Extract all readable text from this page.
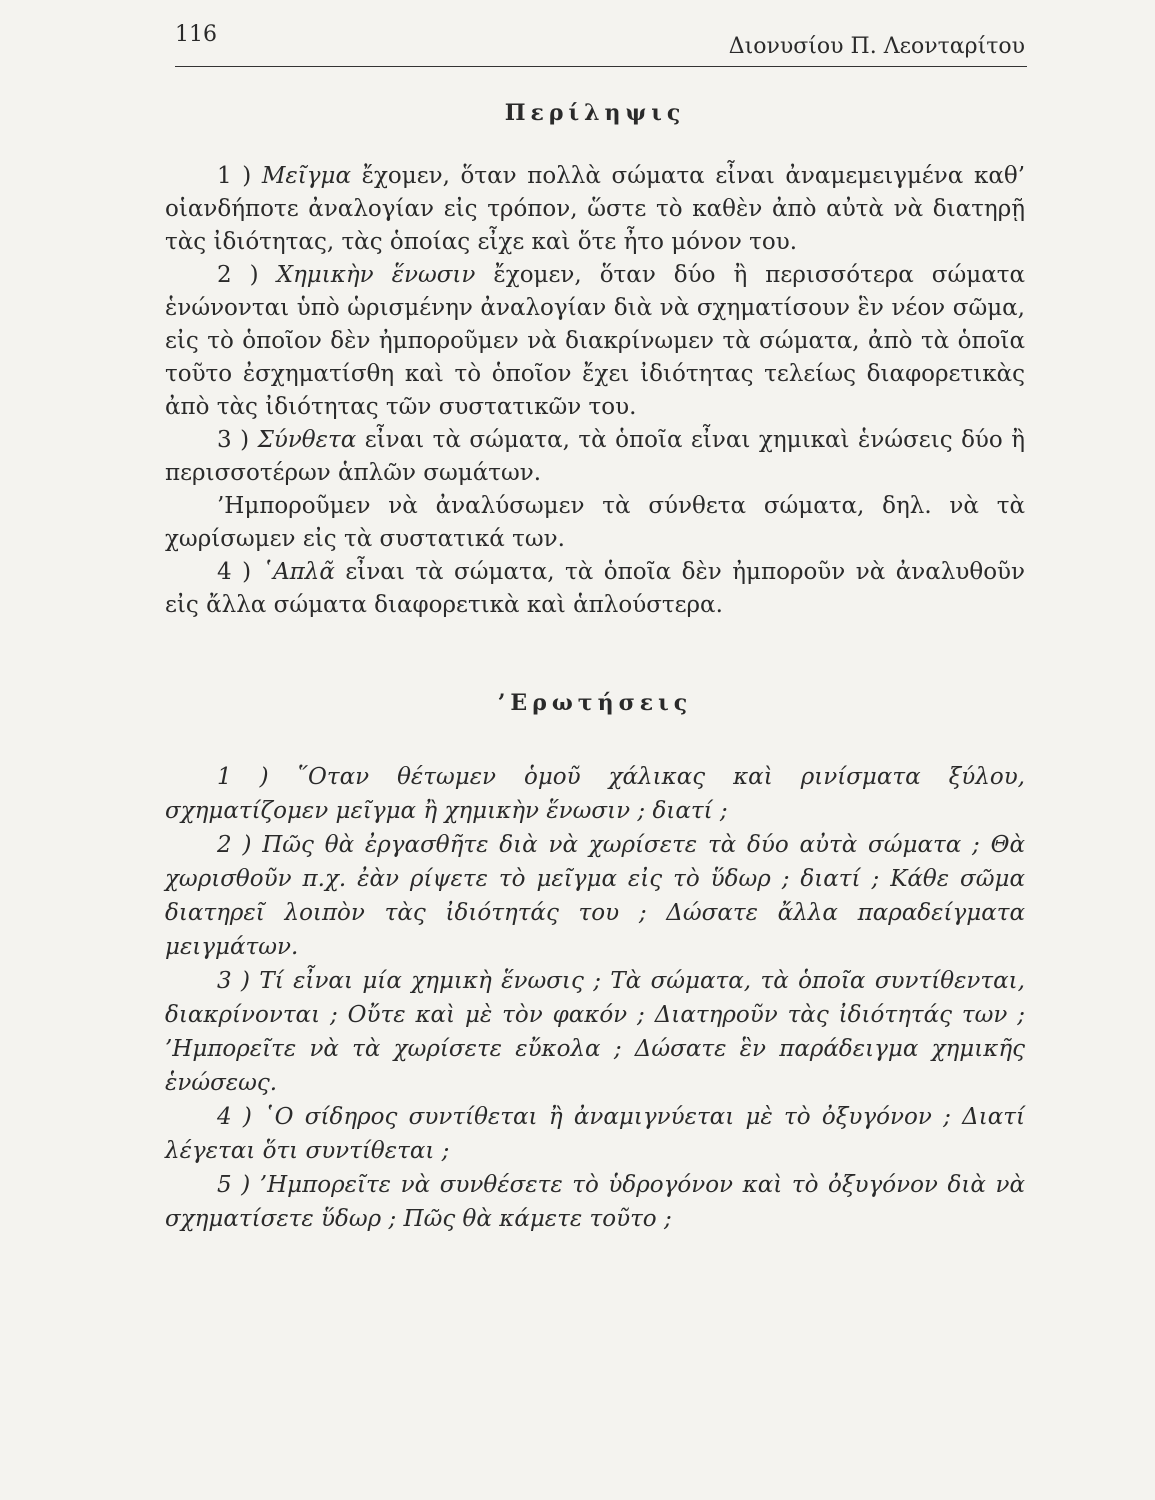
116	Διονυσίου Π. Λεονταρίτου
Περίληψις

1 ) Μεῖγμα ἔχομεν, ὅταν πολλὰ σώματα εἶναι ἀναμεμειγμένα καθ’ οἱανδήποτε ἀναλογίαν εἰς τρόπον, ὥστε τὸ καθὲν ἀπὸ αὐτὰ νὰ διατηρῇ τὰς ἰδιότητας, τὰς ὁποίας εἶχε καὶ ὅτε ἦτο μόνον του.

2 ) Χημικὴν ἕνωσιν ἔχομεν, ὅταν δύο ἢ περισσότερα σώματα ἑνώνονται ὑπὸ ὡρισμένην ἀναλογίαν διὰ νὰ σχηματίσουν ἓν νέον σῶμα, εἰς τὸ ὁποῖον δὲν ἠμποροῦμεν νὰ διακρίνωμεν τὰ σώματα, ἀπὸ τὰ ὁποῖα τοῦτο ἐσχηματίσθη καὶ τὸ ὁποῖον ἔχει ἰδιότητας τελείως διαφορετικὰς ἀπὸ τὰς ἰδιότητας τῶν συστατικῶν του.

3 ) Σύνθετα εἶναι τὰ σώματα, τὰ ὁποῖα εἶναι χημικαὶ ἑνώσεις δύο ἢ περισσοτέρων ἁπλῶν σωμάτων.

’Ημποροῦμεν νὰ ἀναλύσωμεν τὰ σύνθετα σώματα, δηλ. νὰ τὰ χωρίσωμεν εἰς τὰ συστατικά των.

4 ) ῾Απλᾶ εἶναι τὰ σώματα, τὰ ὁποῖα δὲν ἠμποροῦν νὰ ἀναλυθοῦν εἰς ἄλλα σώματα διαφορετικὰ καὶ ἁπλούστερα.

’Ερωτήσεις

1 ) ῞Οταν θέτωμεν ὁμοῦ χάλικας καὶ ρινίσματα ξύλου, σχηματίζομεν μεῖγμα ἢ χημικὴν ἕνωσιν ; διατί ;

2 ) Πῶς θὰ ἐργασθῆτε διὰ νὰ χωρίσετε τὰ δύο αὐτὰ σώματα ; Θὰ χωρισθοῦν π.χ. ἐὰν ρίψετε τὸ μεῖγμα εἰς τὸ ὕδωρ ; διατί ; Κάθε σῶμα διατηρεῖ λοιπὸν τὰς ἰδιότητάς του ; Δώσατε ἄλλα παραδείγματα μειγμάτων.

3 ) Τί εἶναι μία χημικὴ ἕνωσις ; Τὰ σώματα, τὰ ὁποῖα συντίθενται, διακρίνονται ; Οὔτε καὶ μὲ τὸν φακόν ; Διατηροῦν τὰς ἰδιότητάς των ; ’Ημπορεῖτε νὰ τὰ χωρίσετε εὔκολα ; Δώσατε ἓν παράδειγμα χημικῆς ἑνώσεως.

4 ) ῾Ο σίδηρος συντίθεται ἢ ἀναμιγνύεται μὲ τὸ ὀξυγόνον ; Διατί λέγεται ὅτι συντίθεται ;

5 ) ’Ημπορεῖτε νὰ συνθέσετε τὸ ὑδρογόνον καὶ τὸ ὀξυγόνον διὰ νὰ σχηματίσετε ὕδωρ ; Πῶς θὰ κάμετε τοῦτο ;
